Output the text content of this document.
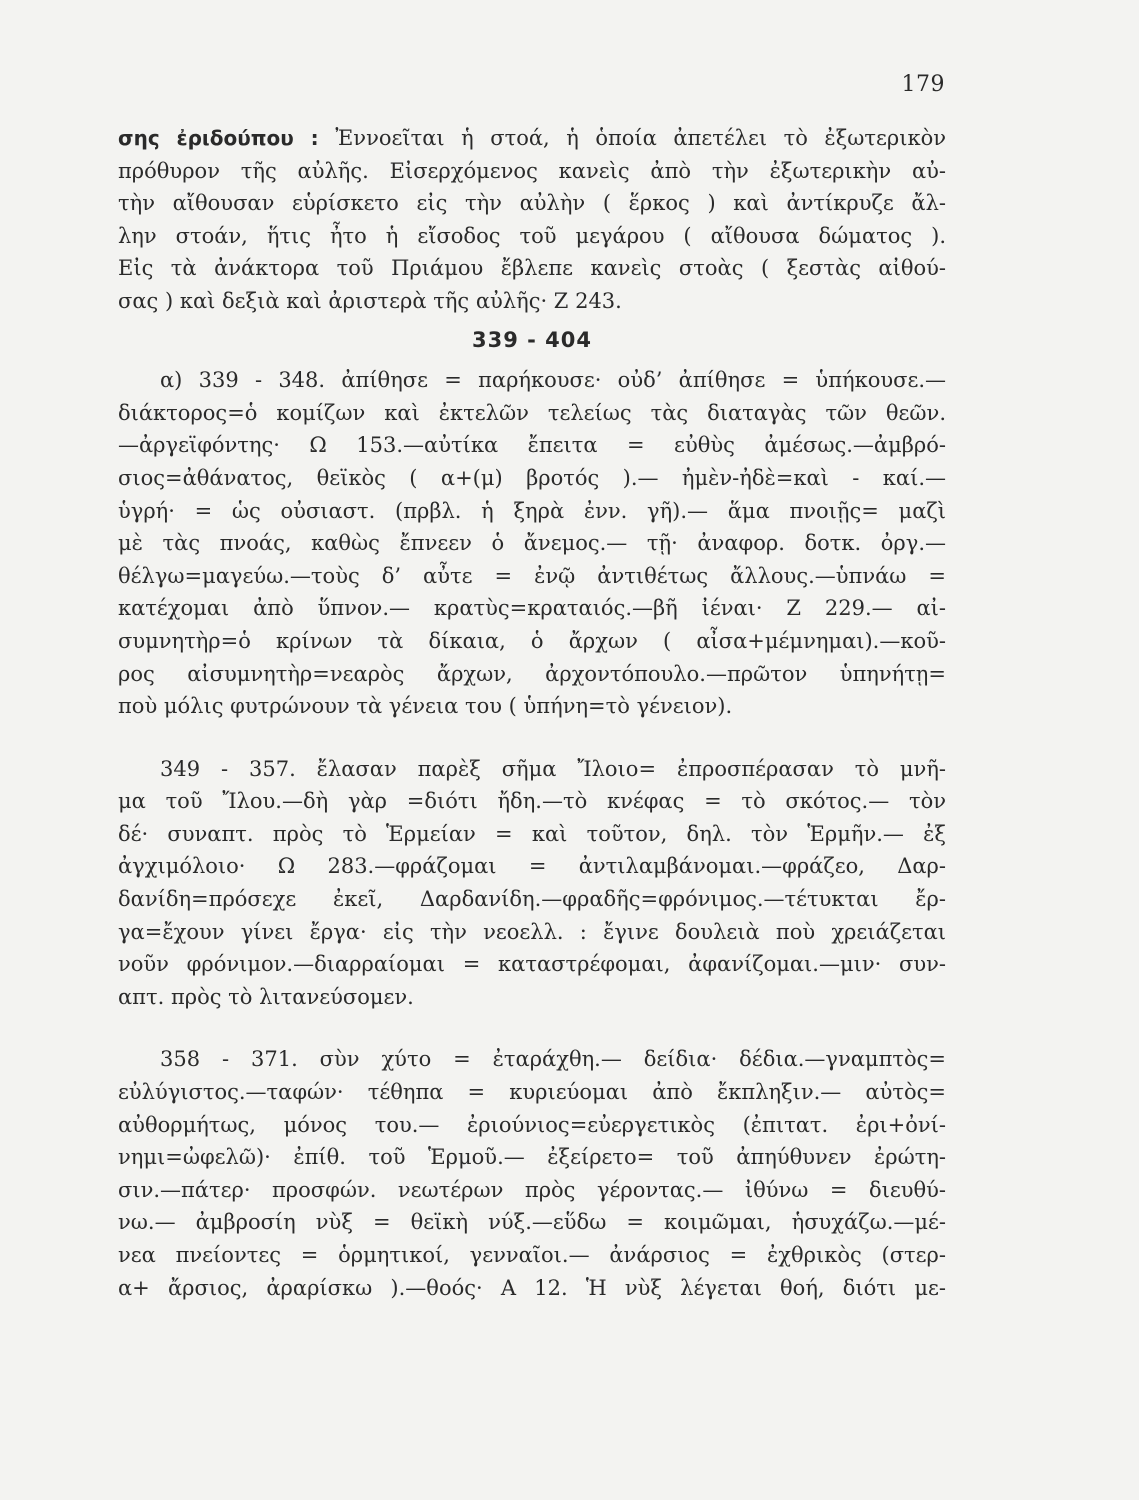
179

σης ἐριδούπου : Ἐννοεῖται ἡ στοά, ἡ ὁποία ἀπετέλει τὸ ἐξωτερικὸν

πρόθυρον τῆς αὐλῆς. Εἰσερχόμενος κανεὶς ἀπὸ τὴν ἐξωτερικὴν αὐ-

τὴν αἴθουσαν εὑρίσκετο εἰς τὴν αὐλὴν ( ἕρκος ) καὶ ἀντίκρυζε ἄλ-

λην στοάν, ἥτις ἦτο ἡ εἴσοδος τοῦ μεγάρου ( αἴθουσα δώματος ).

Εἰς τὰ ἀνάκτορα τοῦ Πριάμου ἔβλεπε κανεὶς στοὰς ( ξεστὰς αἰθού-

σας ) καὶ δεξιὰ καὶ ἀριστερὰ τῆς αὐλῆς· Ζ 243.

339 - 404

α) 339 - 348. ἀπίθησε = παρήκουσε· οὐδ’ ἀπίθησε = ὑπήκουσε.—

διάκτορος=ὁ κομίζων καὶ ἐκτελῶν τελείως τὰς διαταγὰς τῶν θεῶν.

—ἀργεϊφόντης· Ω 153.—αὐτίκα ἔπειτα = εὐθὺς ἀμέσως.—ἀμβρό-

σιος=ἀθάνατος, θεϊκὸς ( α+(μ) βροτός ).— ἠμὲν-ἠδὲ=καὶ - καί.—

ὑγρή· = ὡς οὐσιαστ. (πρβλ. ἡ ξηρὰ ἐνν. γῆ).— ἅμα πνοιῇς= μαζὶ

μὲ τὰς πνοάς, καθὼς ἔπνεεν ὁ ἄνεμος.— τῇ· ἀναφορ. δοτκ. ὀργ.—

θέλγω=μαγεύω.—τοὺς δ’ αὖτε = ἐνῷ ἀντιθέτως ἄλλους.—ὑπνάω =

κατέχομαι ἀπὸ ὕπνον.— κρατὺς=κραταιός.—βῆ ἰέναι· Ζ 229.— αἰ-

συμνητὴρ=ὁ κρίνων τὰ δίκαια, ὁ ἄρχων ( αἶσα+μέμνημαι).—κοῦ-

ρος αἰσυμνητὴρ=νεαρὸς ἄρχων, ἀρχοντόπουλο.—πρῶτον ὑπηνήτῃ=

ποὺ μόλις φυτρώνουν τὰ γένεια του ( ὑπήνη=τὸ γένειον).

349 - 357. ἔλασαν παρὲξ σῆμα Ἴλοιο= ἐπροσπέρασαν τὸ μνῆ-

μα τοῦ Ἴλου.—δὴ γὰρ =διότι ἤδη.—τὸ κνέφας = τὸ σκότος.— τὸν

δέ· συναπτ. πρὸς τὸ Ἑρμείαν = καὶ τοῦτον, δηλ. τὸν Ἑρμῆν.— ἐξ

ἀγχιμόλοιο· Ω 283.—φράζομαι = ἀντιλαμβάνομαι.—φράζεο, Δαρ-

δανίδη=πρόσεχε ἐκεῖ, Δαρδανίδη.—φραδῆς=φρόνιμος.—τέτυκται ἔρ-

γα=ἔχουν γίνει ἔργα· εἰς τὴν νεοελλ. : ἔγινε δουλειὰ ποὺ χρειάζεται

νοῦν φρόνιμον.—διαρραίομαι = καταστρέφομαι, ἀφανίζομαι.—μιν· συν-

απτ. πρὸς τὸ λιτανεύσομεν.

358 - 371. σὺν χύτο = ἐταράχθη.— δείδια· δέδια.—γναμπτὸς=

εὐλύγιστος.—ταφών· τέθηπα = κυριεύομαι ἀπὸ ἔκπληξιν.— αὐτὸς=

αὐθορμήτως, μόνος του.— ἐριούνιος=εὐεργετικὸς (ἐπιτατ. ἐρι+ὀνί-

νημι=ὠφελῶ)· ἐπίθ. τοῦ Ἑρμοῦ.— ἐξείρετο= τοῦ ἀπηύθυνεν ἐρώτη-

σιν.—πάτερ· προσφών. νεωτέρων πρὸς γέροντας.— ἰθύνω = διευθύ-

νω.— ἀμβροσίη νὺξ = θεϊκὴ νύξ.—εὕδω = κοιμῶμαι, ἡσυχάζω.—μέ-

νεα πνείοντες = ὁρμητικοί, γενναῖοι.— ἀνάρσιος = ἐχθρικὸς (στερ-

α+ ἄρσιος, ἀραρίσκω ).—θοός· Α 12. Ἡ νὺξ λέγεται θοή, διότι με-
